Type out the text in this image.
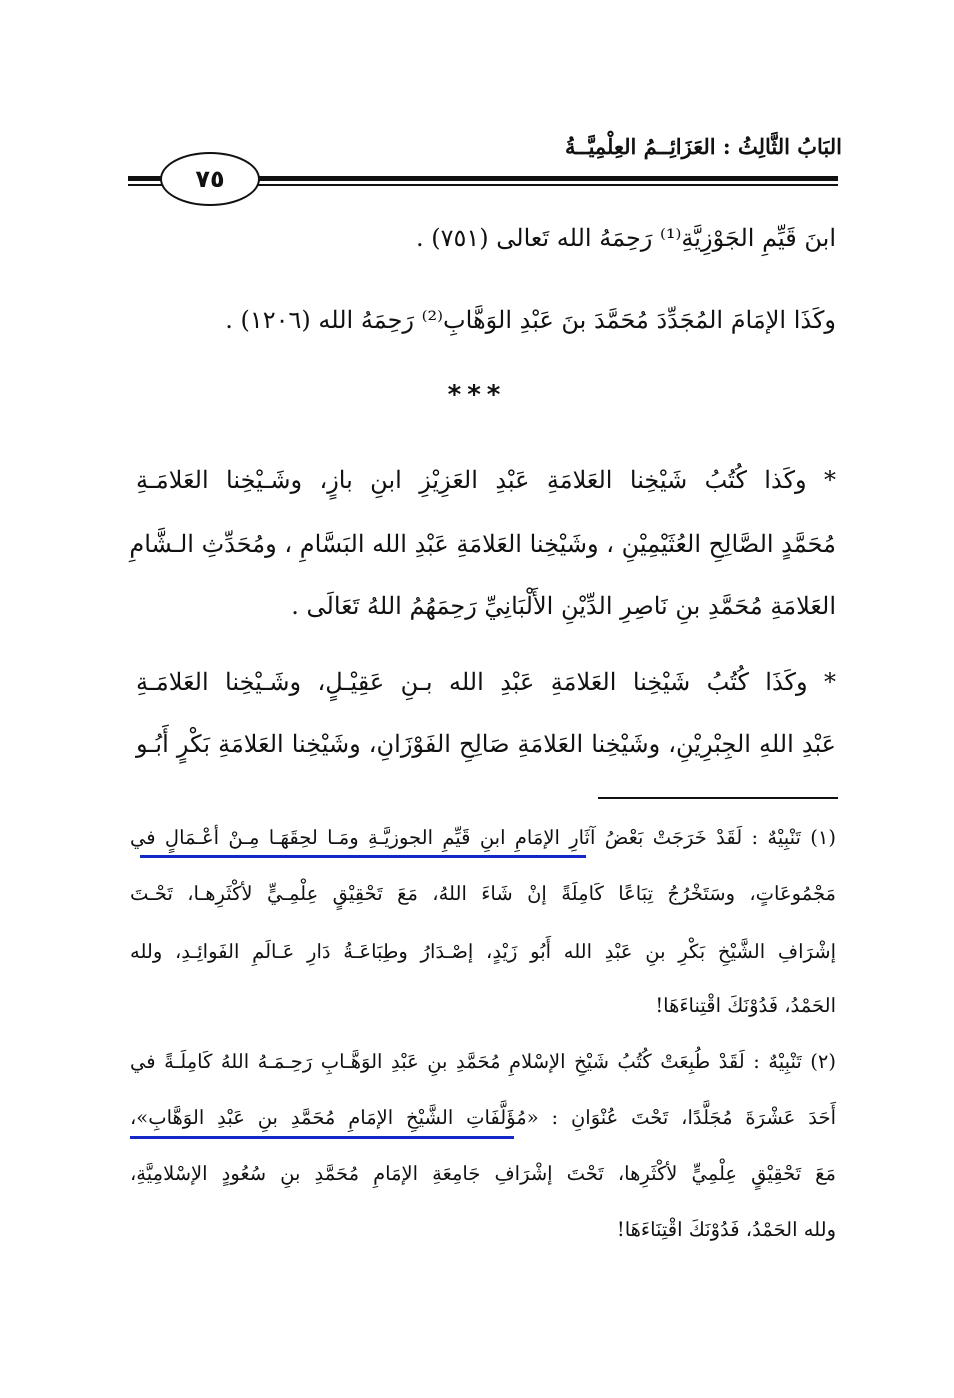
البَابُ الثَّالِثُ : العَزَائِــمُ العِلْمِيَّــةُ
٧٥
ابنَ قَيِّمِ الجَوْزِيَّةِ⁽¹⁾ رَحِمَهُ الله تَعالى (٧٥١) .
وكَذَا الإمَامَ المُجَدِّدَ مُحَمَّدَ بنَ عَبْدِ الوَهَّابِ⁽²⁾ رَحِمَهُ الله (١٢٠٦) .
***
* وكَذا كُتُبُ شَيْخِنا العَلامَةِ عَبْدِ العَزِيْزِ ابنِ بازٍ، وشَـيْخِنا العَلامَـةِ
مُحَمَّدٍ الصَّالِحِ العُثَيْمِيْنِ ، وشَيْخِنا العَلامَةِ عَبْدِ الله البَسَّامِ ، ومُحَدِّثِ الـشَّامِ
العَلامَةِ مُحَمَّدِ بنِ نَاصِرِ الدِّيْنِ الأَلْبَانِيِّ رَحِمَهُمُ اللهُ تَعَالَى .
* وكَذَا كُتُبُ شَيْخِنا العَلامَةِ عَبْدِ الله بـنِ عَقِيْـلٍ، وشَـيْخِنا العَلامَـةِ
عَبْدِ اللهِ الجِبْرِيْنِ، وشَيْخِنا العَلامَةِ صَالِحِ الفَوْزَانِ، وشَيْخِنا العَلامَةِ بَكْرٍ أَبُـو
(١) تَنْبِيْهٌ : لَقَدْ خَرَجَتْ بَعْضُ آثَارِ الإمَامِ ابنِ قَيِّمِ الجوزيَّـةِ ومَـا لحِقَهَـا مِـنْ أعْـمَالٍ في
مَجْمُوعَاتٍ، وسَتَخْرُجُ تِبَاعًا كَامِلَةً إنْ شَاءَ اللهُ، مَعَ تَحْقِيْقٍ عِلْمِـيٍّ لأكْثَرِهـا، تَحْـتَ
إشْرَافِ الشَّيْخِ بَكْرِ بنِ عَبْدِ الله أَبُو زَيْدٍ، إصْـدَارُ وطِبَاعَـةُ دَارِ عَـالَمِ الفَوائِـدِ، ولله
الحَمْدُ، فَدُوْنَكَ اقْتِناءَهَا!
(٢) تَنْبِيْهٌ : لَقَدْ طُبِعَتْ كُتُبُ شَيْخِ الإسْلامِ مُحَمَّدِ بنِ عَبْدِ الوَهَّـابِ رَحِـمَـهُ اللهُ كَامِلَـةً في
أَحَدَ عَشْرَةَ مُجَلَّدًا، تَحْتَ عُنْوَانِ : «مُؤَلَّفَاتِ الشَّيْخِ الإمَامِ مُحَمَّدِ بنِ عَبْدِ الوَهَّابِ»،
مَعَ تَحْقِيْقٍ عِلْمِيٍّ لأكْثَرِها، تَحْتَ إشْرَافِ جَامِعَةِ الإمَامِ مُحَمَّدِ بنِ سُعُودٍ الإسْلامِيَّةِ،
ولله الحَمْدُ، فَدُوْنَكَ اقْتِنَاءَهَا!
